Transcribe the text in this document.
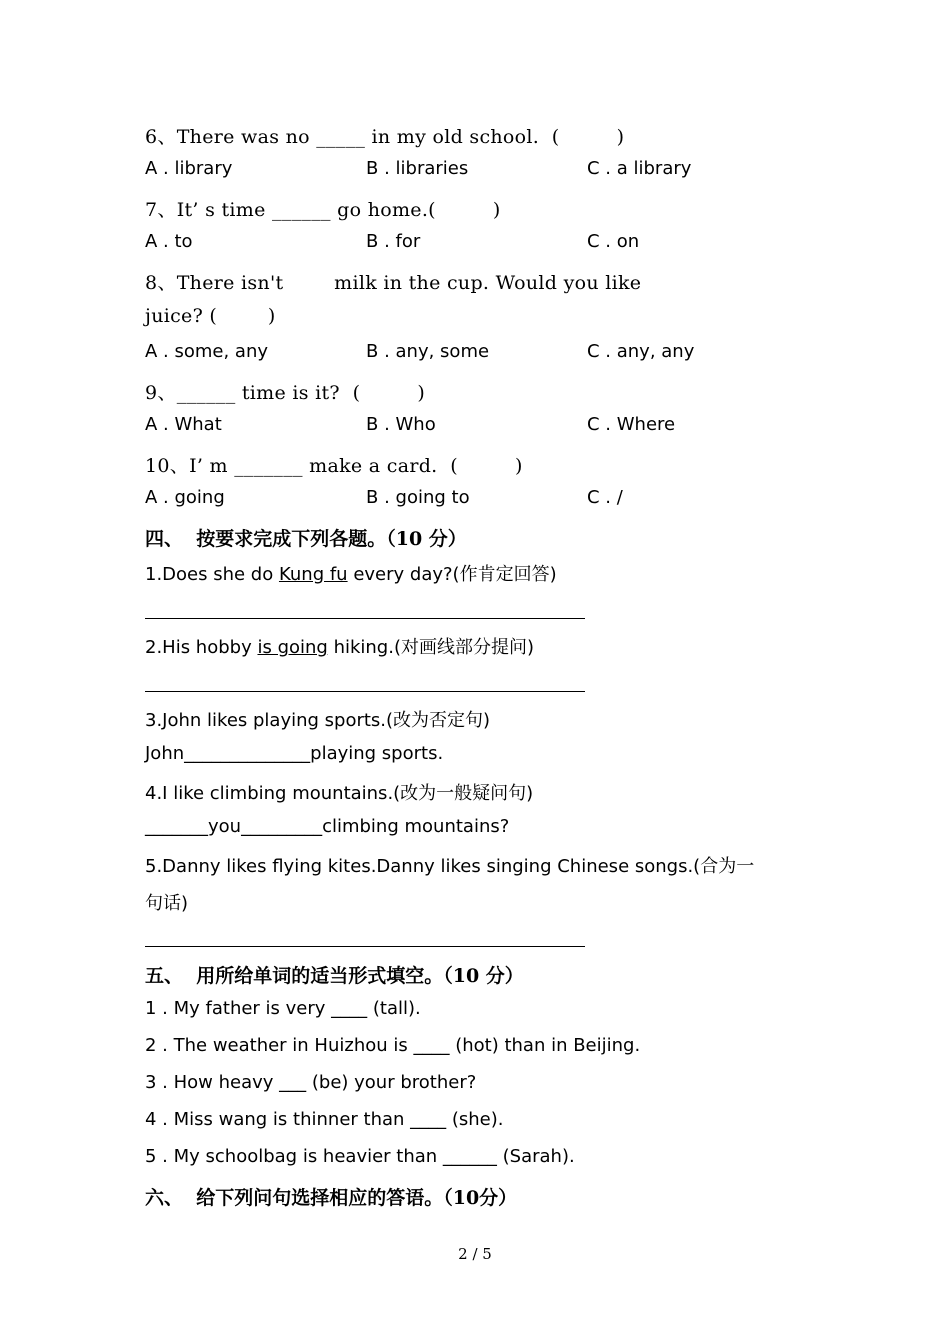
6、There was no _____ in my old school.  (         )
A . library	B . libraries	C . a library
7、It’ s time ______ go home.(         )
A . to	B . for	C . on
8、There isn't        milk in the cup. Would you like
juice? (        )
A . some, any	B . any, some	C . any, any
9、______ time is it?  (         )
A . What	B . Who	C . Where
10、I’ m _______ make a card.  (         )
A . going	B . going to	C . /
四、  按要求完成下列各题。（10 分）
1.Does she do Kung fu every day?(作肯定回答)
2.His hobby is going hiking.(对画线部分提问)
3.John likes playing sports.(改为否定句)
John______________playing sports.
4.I like climbing mountains.(改为一般疑问句)
_______you_________climbing mountains?
5.Danny likes flying kites.Danny likes singing Chinese songs.(合为一
句话)
五、  用所给单词的适当形式填空。（10 分）
1 . My father is very ____ (tall).
2 . The weather in Huizhou is ____ (hot) than in Beijing.
3 . How heavy ___ (be) your brother?
4 . Miss wang is thinner than ____ (she).
5 . My schoolbag is heavier than ______ (Sarah).
六、  给下列问句选择相应的答语。（10分）
2 / 5
